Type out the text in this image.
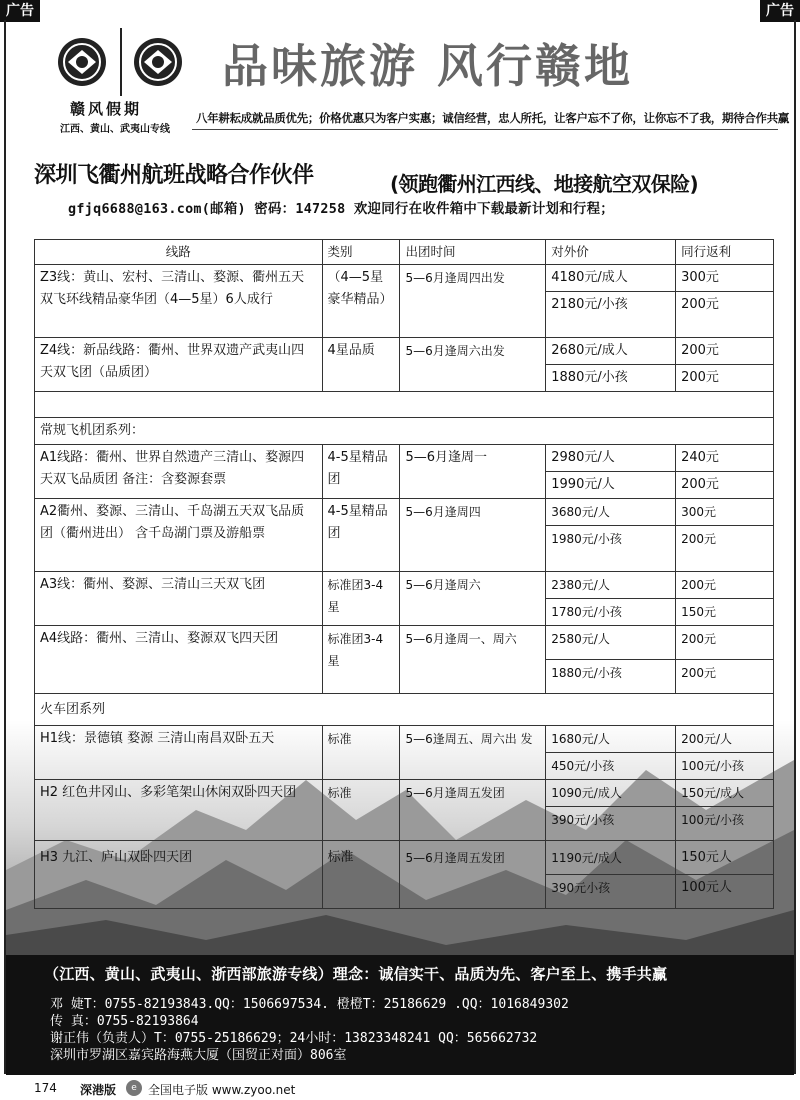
广告	广告
赣风假期
江西、黄山、武夷山专线
品味旅游 风行赣地
八年耕耘成就品质优先；价格优惠只为客户实惠；诚信经营，忠人所托，让客户忘不了你，让你忘不了我，期待合作共赢
深圳飞衢州航班战略合作伙伴	(领跑衢州江西线、地接航空双保险)
gfjq6688@163.com(邮箱) 密码：147258 欢迎同行在收件箱中下载最新计划和行程；
线路	类别	出团时间	对外价	同行返利
Z3线：黄山、宏村、三清山、婺源、衢州五天双飞环线精品豪华团（4—5星）6人成行	（4—5星豪华精品）	5—6月逢周四出发	4180元/成人	300元
			2180元/小孩	200元
Z4线：新品线路：衢州、世界双遗产武夷山四天双飞团（品质团）	4星品质	5—6月逢周六出发	2680元/成人	200元
			1880元/小孩	200元

常规飞机团系列：				
A1线路：衢州、世界自然遗产三清山、婺源四天双飞品质团 备注：含婺源套票	4-5星精品团	5—6月逢周一	2980元/人	240元
			1990元/人	200元
A2衢州、婺源、三清山、千岛湖五天双飞品质团（衢州进出） 含千岛湖门票及游船票	4-5星精品团	5—6月逢周四	3680元/人	300元
			1980元/小孩	200元
A3线：衢州、婺源、三清山三天双飞团	标准团3-4星	5—6月逢周六	2380元/人	200元
			1780元/小孩	150元
A4线路：衢州、三清山、婺源双飞四天团	标准团3-4星	5—6月逢周一、周六	2580元/人	200元
			1880元/小孩	200元
火车团系列				
H1线：景德镇 婺源 三清山南昌双卧五天	标准	5—6逢周五、周六出 发	1680元/人	200元/人
			450元/小孩	100元/小孩
H2 红色井冈山、多彩笔架山休闲双卧四天团	标准	5—6月逢周五发团	1090元/成人	150元/成人
			390元/小孩	100元/小孩
H3 九江、庐山双卧四天团	标准	5—6月逢周五发团	1190元/成人	150元人
			390元小孩	100元人
（江西、黄山、武夷山、浙西部旅游专线）理念：诚信实干、品质为先、客户至上、携手共赢
邓 婕T：0755-82193843.QQ：1506697534. 橙橙T：25186629 .QQ：1016849302
传 真：0755-82193864
谢正伟（负责人）T：0755-25186629；24小时：13823348241 QQ：565662732
深圳市罗湖区嘉宾路海燕大厦（国贸正对面）806室
174 深港版	e 全国电子版 www.zyoo.net
